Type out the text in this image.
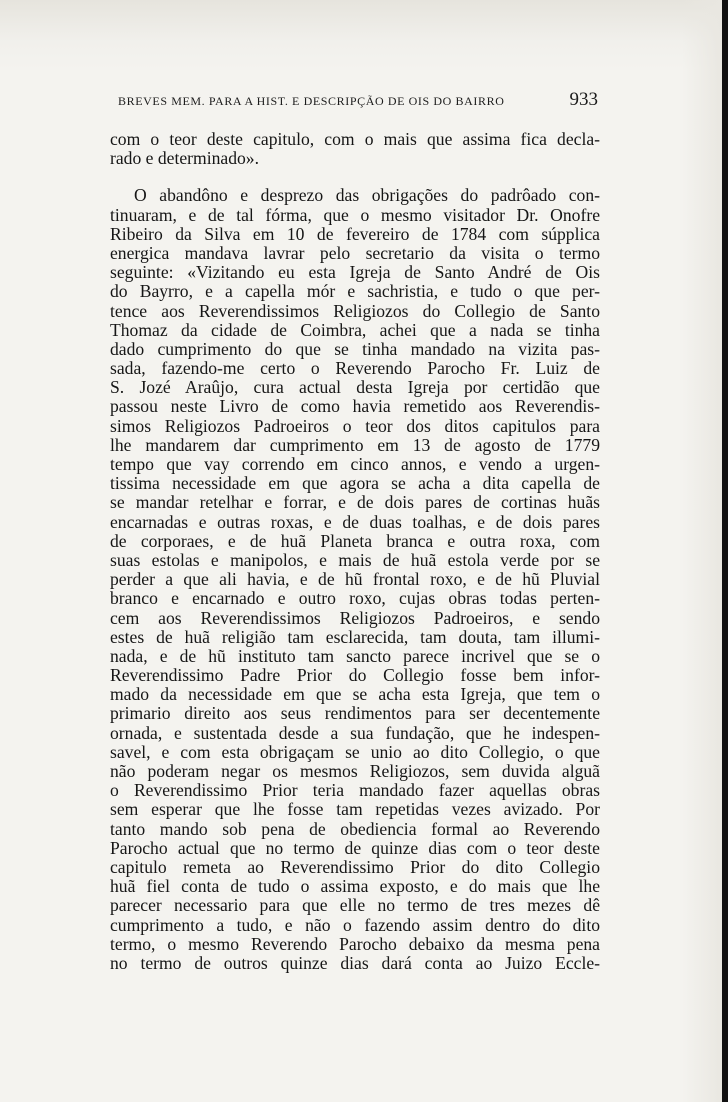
BREVES MEM. PARA A HIST. E DESCRIPÇÃO DE OIS DO BAIRRO	933
com o teor deste capitulo, com o mais que assima fica decla-
rado e determinado».
O abandôno e desprezo das obrigações do padrôado con-
tinuaram, e de tal fórma, que o mesmo visitador Dr. Onofre
Ribeiro da Silva em 10 de fevereiro de 1784 com súpplica
energica mandava lavrar pelo secretario da visita o termo
seguinte: «Vizitando eu esta Igreja de Santo André de Ois
do Bayrro, e a capella mór e sachristia, e tudo o que per-
tence aos Reverendissimos Religiozos do Collegio de Santo
Thomaz da cidade de Coimbra, achei que a nada se tinha
dado cumprimento do que se tinha mandado na vizita pas-
sada, fazendo-me certo o Reverendo Parocho Fr. Luiz de
S. Jozé Araûjo, cura actual desta Igreja por certidão que
passou neste Livro de como havia remetido aos Reverendis-
simos Religiozos Padroeiros o teor dos ditos capitulos para
lhe mandarem dar cumprimento em 13 de agosto de 1779
tempo que vay correndo em cinco annos, e vendo a urgen-
tissima necessidade em que agora se acha a dita capella de
se mandar retelhar e forrar, e de dois pares de cortinas huãs
encarnadas e outras roxas, e de duas toalhas, e de dois pares
de corporaes, e de huã Planeta branca e outra roxa, com
suas estolas e manipolos, e mais de huã estola verde por se
perder a que ali havia, e de hũ frontal roxo, e de hũ Pluvial
branco e encarnado e outro roxo, cujas obras todas perten-
cem aos Reverendissimos Religiozos Padroeiros, e sendo
estes de huã religião tam esclarecida, tam douta, tam illumi-
nada, e de hũ instituto tam sancto parece incrivel que se o
Reverendissimo Padre Prior do Collegio fosse bem infor-
mado da necessidade em que se acha esta Igreja, que tem o
primario direito aos seus rendimentos para ser decentemente
ornada, e sustentada desde a sua fundação, que he indespen-
savel, e com esta obrigaçam se unio ao dito Collegio, o que
não poderam negar os mesmos Religiozos, sem duvida alguã
o Reverendissimo Prior teria mandado fazer aquellas obras
sem esperar que lhe fosse tam repetidas vezes avizado. Por
tanto mando sob pena de obediencia formal ao Reverendo
Parocho actual que no termo de quinze dias com o teor deste
capitulo remeta ao Reverendissimo Prior do dito Collegio
huã fiel conta de tudo o assima exposto, e do mais que lhe
parecer necessario para que elle no termo de tres mezes dê
cumprimento a tudo, e não o fazendo assim dentro do dito
termo, o mesmo Reverendo Parocho debaixo da mesma pena
no termo de outros quinze dias dará conta ao Juizo Eccle-
